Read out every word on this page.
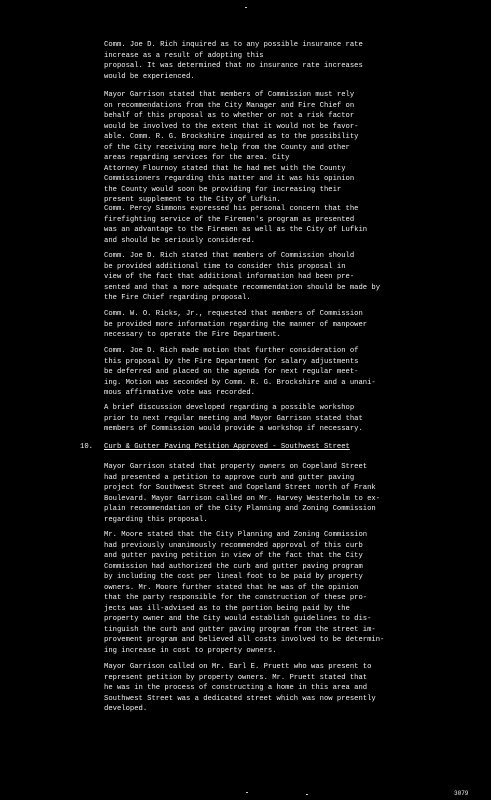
Comm. Joe D. Rich inquired as to any possible insurance rate
increase as a result of adopting this
proposal. It was determined that no insurance rate increases
would be experienced.
Mayor Garrison stated that members of Commission must rely
on recommendations from the City Manager and Fire Chief on
behalf of this proposal as to whether or not a risk factor
would be involved to the extent that it would not be favor-
able. Comm. R. G. Brockshire inquired as to the possibility
of the City receiving more help from the County and other
areas regarding services for the area. City
Attorney Flournoy stated that he had met with the County
Commissioners regarding this matter and it was his opinion
the County would soon be providing for increasing their
present supplement to the City of Lufkin.
Comm. Percy Simmons expressed his personal concern that the
firefighting service of the Firemen's program as presented
was an advantage to the Firemen as well as the City of Lufkin
and should be seriously considered.
Comm. Joe D. Rich stated that members of Commission should
be provided additional time to consider this proposal in
view of the fact that additional information had been pre-
sented and that a more adequate recommendation should be made by
the Fire Chief regarding proposal.
Comm. W. O. Ricks, Jr., requested that members of Commission
be provided more information regarding the manner of manpower
necessary to operate the Fire Department.
Comm. Joe D. Rich made motion that further consideration of
this proposal by the Fire Department for salary adjustments
be deferred and placed on the agenda for next regular meet-
ing. Motion was seconded by Comm. R. G. Brockshire and a unani-
mous affirmative vote was recorded.
A brief discussion developed regarding a possible workshop
prior to next regular meeting and Mayor Garrison stated that
members of Commission would provide a workshop if necessary.
10. Curb & Gutter Paving Petition Approved - Southwest Street
Mayor Garrison stated that property owners on Copeland Street
had presented a petition to approve curb and gutter paving
project for Southwest Street and Copeland Street north of Frank
Boulevard. Mayor Garrison called on Mr. Harvey Westerholm to ex-
plain recommendation of the City Planning and Zoning Commission
regarding this proposal.
Mr. Moore stated that the City Planning and Zoning Commission
had previously unanimously recommended approval of this curb
and gutter paving petition in view of the fact that the City
Commission had authorized the curb and gutter paving program
by including the cost per lineal foot to be paid by property
owners. Mr. Moore further stated that he was of the opinion
that the party responsible for the construction of these pro-
jects was ill-advised as to the portion being paid by the
property owner and the City would establish guidelines to dis-
tinguish the curb and gutter paving program from the street im-
provement program and believed all costs involved to be determin-
ing increase in cost to property owners.
Mayor Garrison called on Mr. Earl E. Pruett who was present to
represent petition by property owners. Mr. Pruett stated that
he was in the process of constructing a home in this area and
Southwest Street was a dedicated street which was now presently
developed.
3079
